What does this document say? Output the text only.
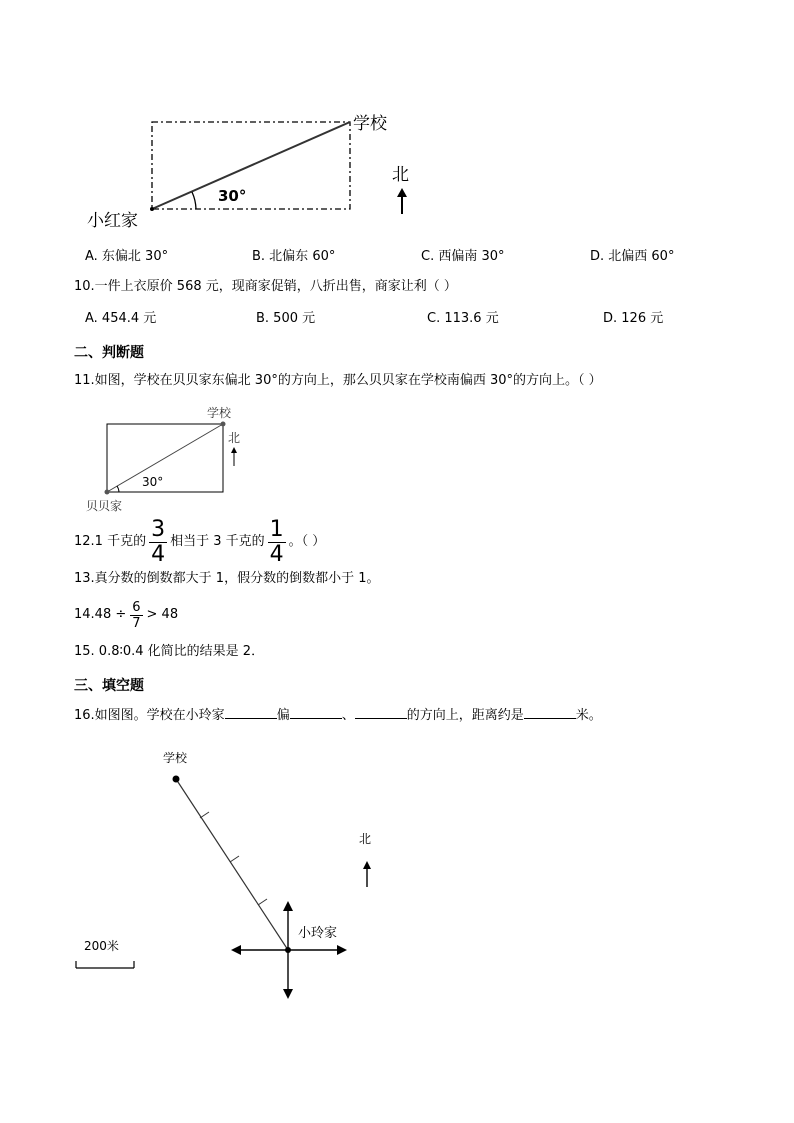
学校
小红家
30°
北
A. 东偏北 30°	B. 北偏东 60°	C. 西偏南 30°	D. 北偏西 60°
10.一件上衣原价 568 元，现商家促销，八折出售，商家让利（ ）
A. 454.4 元	B. 500 元	C. 113.6 元	D. 126 元
二、判断题
11.如图，学校在贝贝家东偏北 30°的方向上，那么贝贝家在学校南偏西 30°的方向上。（ ）
学校
贝贝家
30°
北
12.1 千克的 $\frac{3}{4}$ 相当于 3 千克的 $\frac{1}{4}$ 。（ ）
13.真分数的倒数都大于 1，假分数的倒数都小于 1。
$14.48 \div \frac{6}{7} > 48$
15. 0.8∶0.4 化简比的结果是 2．
三、填空题
16.如图图。学校在小玲家	偏	、	的方向上，距离约是	米。
学校
小玲家
北
200米
